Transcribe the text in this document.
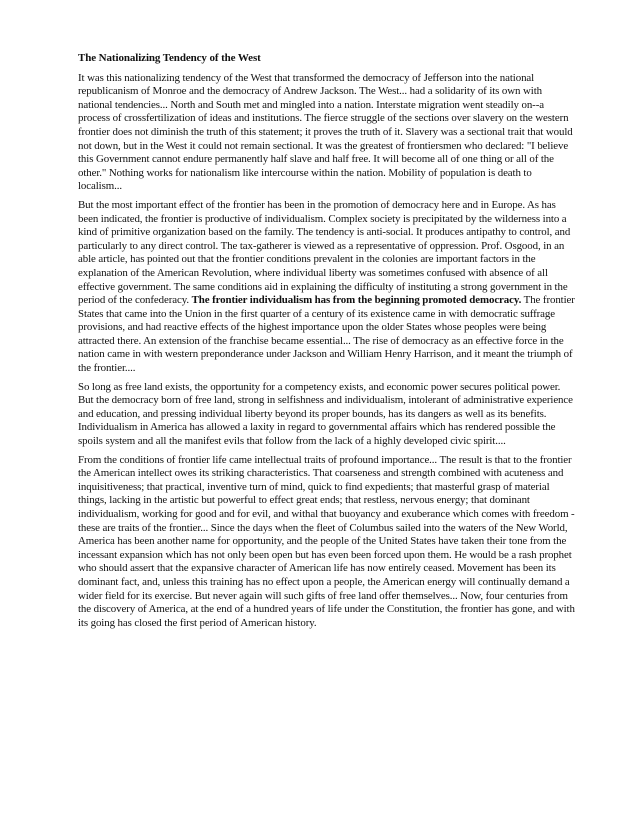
The Nationalizing Tendency of the West

It was this nationalizing tendency of the West that transformed the democracy of Jefferson into the national republicanism of Monroe and the democracy of Andrew Jackson. The West... had a solidarity of its own with national tendencies... North and South met and mingled into a nation. Interstate migration went steadily on--a process of crossfertilization of ideas and institutions. The fierce struggle of the sections over slavery on the western frontier does not diminish the truth of this statement; it proves the truth of it. Slavery was a sectional trait that would not down, but in the West it could not remain sectional. It was the greatest of frontiersmen who declared: "I believe this Government cannot endure permanently half slave and half free. It will become all of one thing or all of the other." Nothing works for nationalism like intercourse within the nation. Mobility of population is death to localism...

But the most important effect of the frontier has been in the promotion of democracy here and in Europe. As has been indicated, the frontier is productive of individualism. Complex society is precipitated by the wilderness into a kind of primitive organization based on the family. The tendency is anti-social. It produces antipathy to control, and particularly to any direct control. The tax-gatherer is viewed as a representative of oppression. Prof. Osgood, in an able article, has pointed out that the frontier conditions prevalent in the colonies are important factors in the explanation of the American Revolution, where individual liberty was sometimes confused with absence of all effective government. The same conditions aid in explaining the difficulty of instituting a strong government in the period of the confederacy. The frontier individualism has from the beginning promoted democracy. The frontier States that came into the Union in the first quarter of a century of its existence came in with democratic suffrage provisions, and had reactive effects of the highest importance upon the older States whose peoples were being attracted there. An extension of the franchise became essential... The rise of democracy as an effective force in the nation came in with western preponderance under Jackson and William Henry Harrison, and it meant the triumph of the frontier....

So long as free land exists, the opportunity for a competency exists, and economic power secures political power. But the democracy born of free land, strong in selfishness and individualism, intolerant of administrative experience and education, and pressing individual liberty beyond its proper bounds, has its dangers as well as its benefits. Individualism in America has allowed a laxity in regard to governmental affairs which has rendered possible the spoils system and all the manifest evils that follow from the lack of a highly developed civic spirit....

From the conditions of frontier life came intellectual traits of profound importance... The result is that to the frontier the American intellect owes its striking characteristics. That coarseness and strength combined with acuteness and inquisitiveness; that practical, inventive turn of mind, quick to find expedients; that masterful grasp of material things, lacking in the artistic but powerful to effect great ends; that restless, nervous energy; that dominant individualism, working for good and for evil, and withal that buoyancy and exuberance which comes with freedom - these are traits of the frontier... Since the days when the fleet of Columbus sailed into the waters of the New World, America has been another name for opportunity, and the people of the United States have taken their tone from the incessant expansion which has not only been open but has even been forced upon them. He would be a rash prophet who should assert that the expansive character of American life has now entirely ceased. Movement has been its dominant fact, and, unless this training has no effect upon a people, the American energy will continually demand a wider field for its exercise. But never again will such gifts of free land offer themselves... Now, four centuries from the discovery of America, at the end of a hundred years of life under the Constitution, the frontier has gone, and with its going has closed the first period of American history.
